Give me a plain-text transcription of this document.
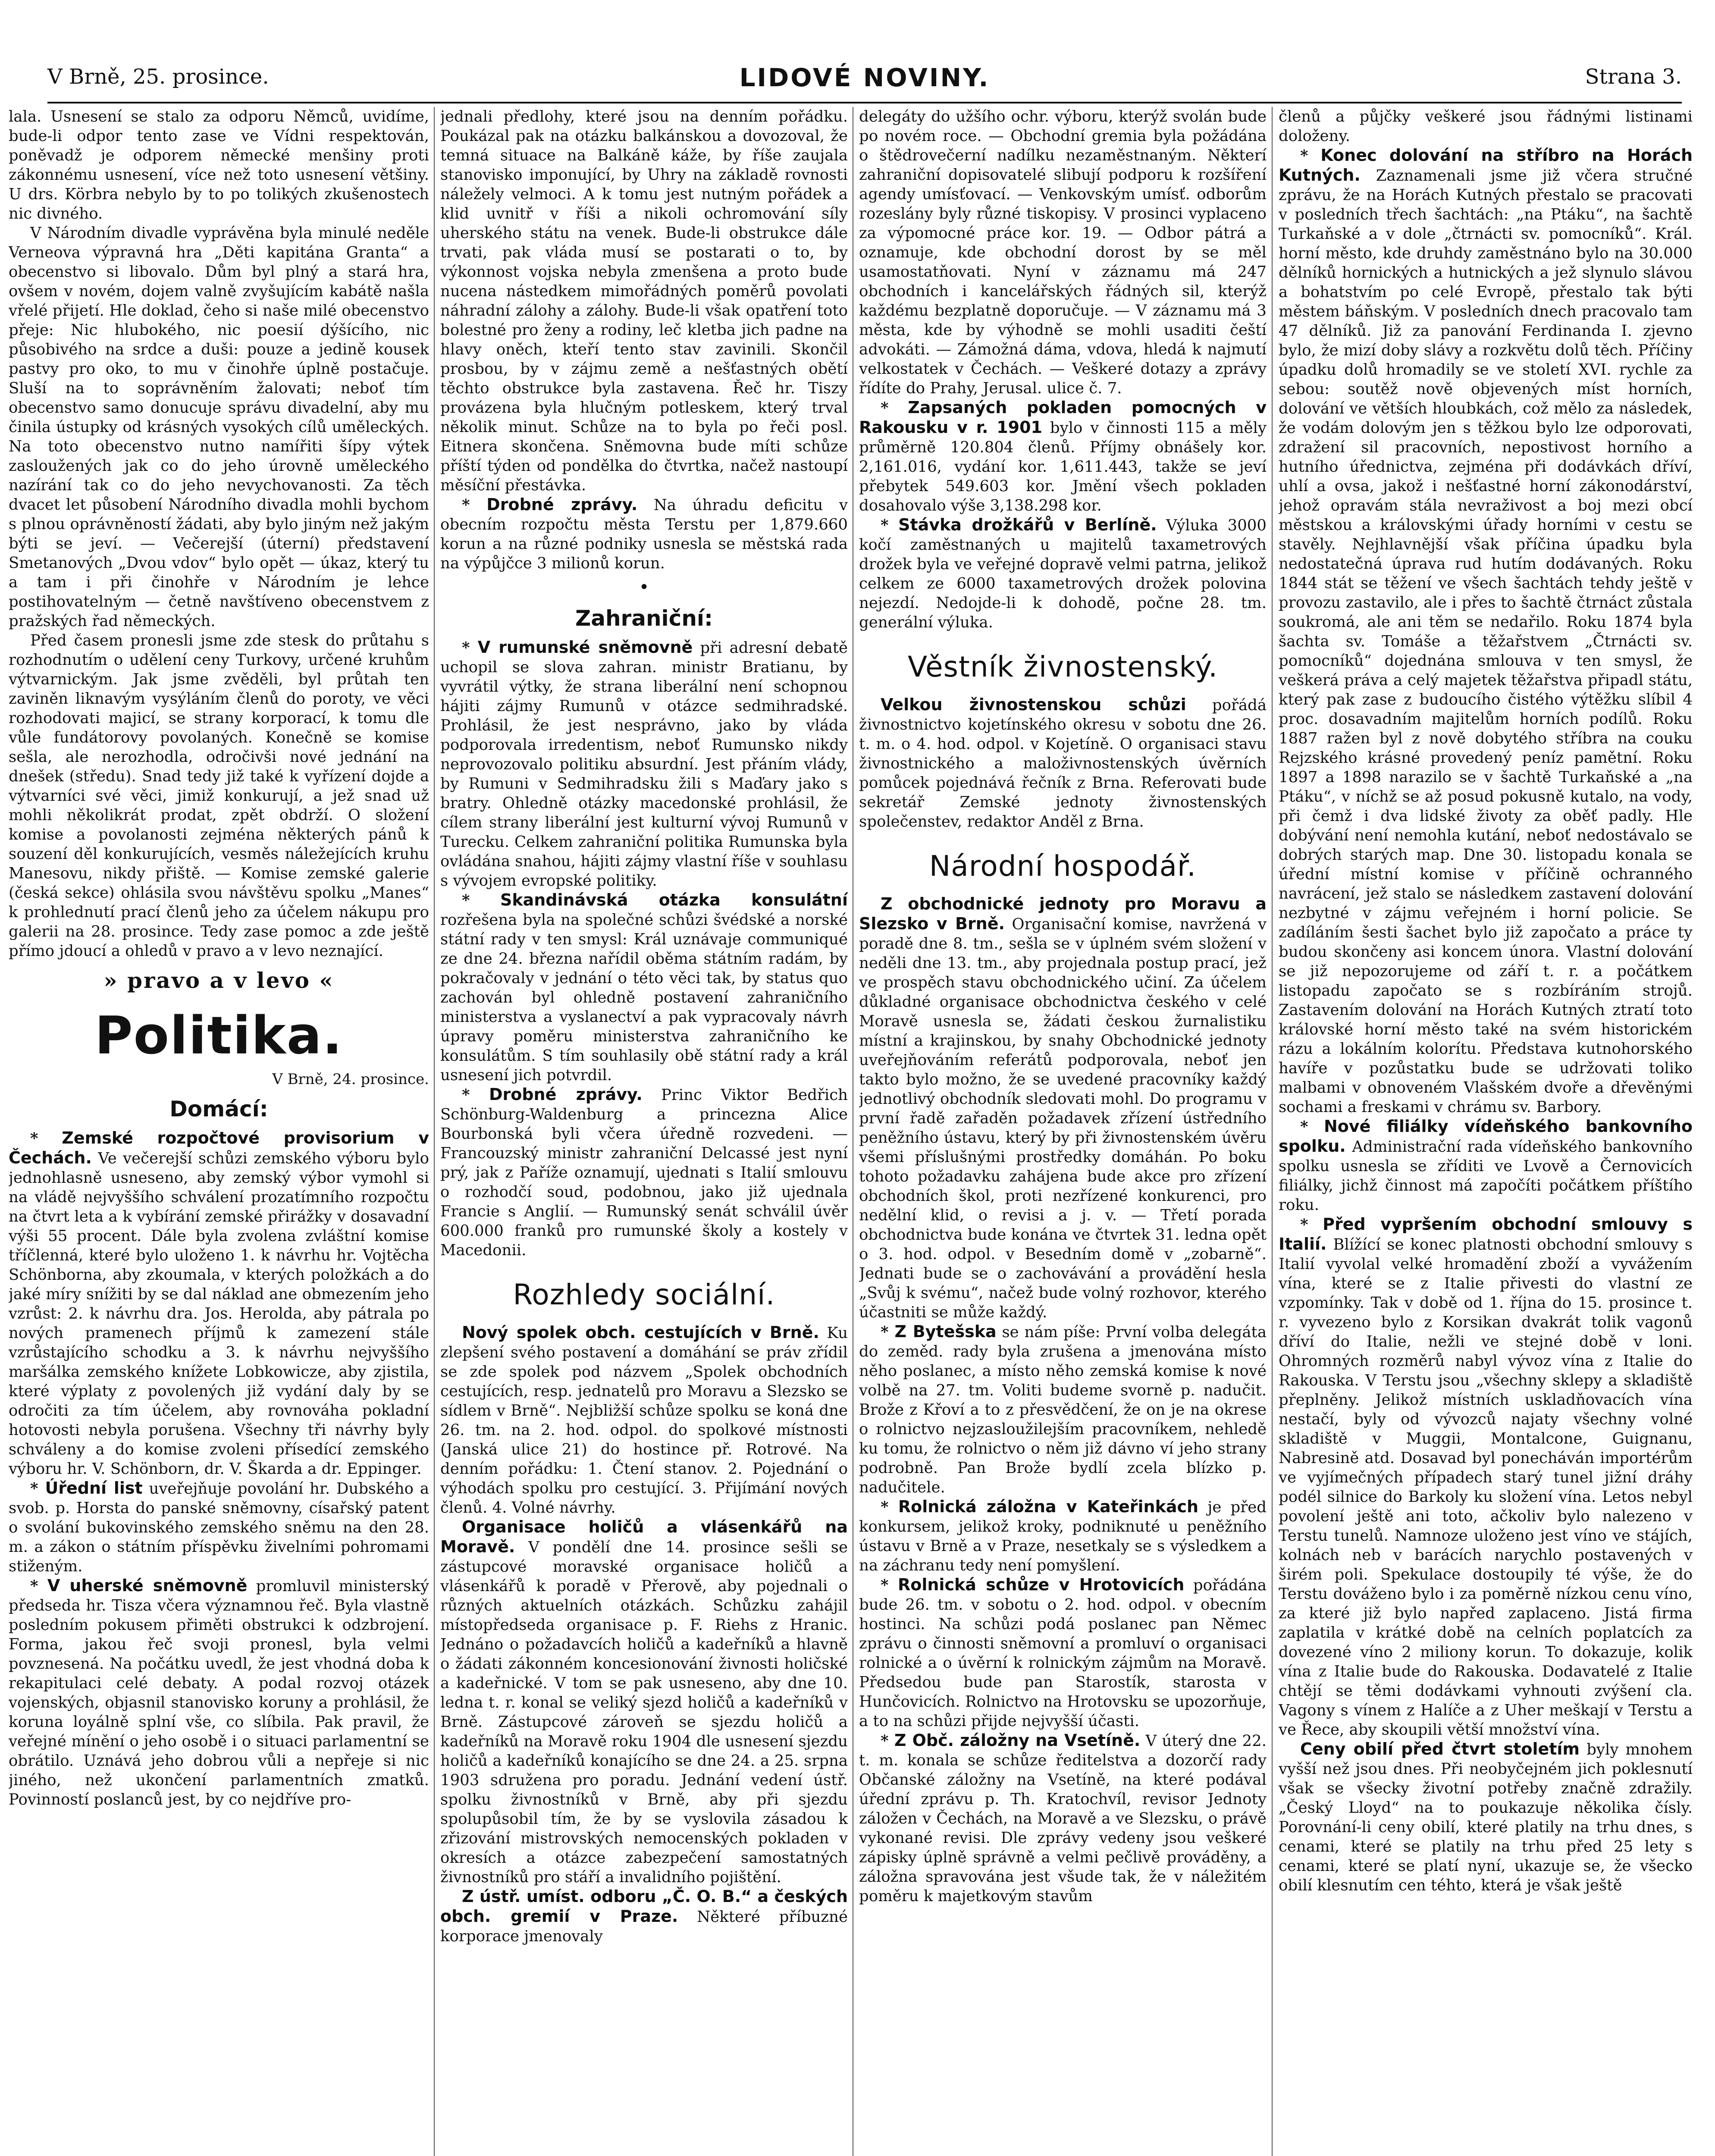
V Brně, 25. prosince.	LIDOVÉ NOVINY.	Strana 3.

lala. Usnesení se stalo za odporu Němců, uvidíme, bude-li odpor tento zase ve Vídni respektován, poněvadž je odporem německé menšiny proti zákonnému usnesení, více než toto usnesení většiny. U drs. Körbra nebylo by to po tolikých zkušenostech nic divného.

V Národním divadle vyprávěna byla minulé neděle Verneova výpravná hra „Děti kapitána Granta“ a obecenstvo si libovalo. Dům byl plný a stará hra, ovšem v novém, dojem valně zvyšujícím kabátě našla vřelé přijetí. Hle doklad, čeho si naše milé obecenstvo přeje: Nic hlubokého, nic poesií dýšícího, nic působivého na srdce a duši: pouze a jedině kousek pastvy pro oko, to mu v činohře úplně postačuje. Sluší na to soprávněním žalovati; neboť tím obecenstvo samo donucuje správu divadelní, aby mu činila ústupky od krásných vysokých cílů uměleckých. Na toto obecenstvo nutno namířiti šípy výtek zasloužených jak co do jeho úrovně uměleckého nazírání tak co do jeho nevychovanosti. Za těch dvacet let působení Národního divadla mohli bychom s plnou oprávněností žádati, aby bylo jiným než jakým býti se jeví. — Večerejší (úterní) představení Smetanových „Dvou vdov“ bylo opět — úkaz, který tu a tam i při činohře v Národním je lehce postihovatelným — četně navštíveno obecenstvem z pražských řad německých.

Před časem pronesli jsme zde stesk do průtahu s rozhodnutím o udělení ceny Turkovy, určené kruhům výtvarnickým. Jak jsme zvěděli, byl průtah ten zaviněn liknavým vysýláním členů do poroty, ve věci rozhodovati majicí, se strany korporací, k tomu dle vůle fundátorovy povolaných. Konečně se komise sešla, ale nerozhodla, odročivši nové jednání na dnešek (středu). Snad tedy již také k vyřízení dojde a výtvarníci své věci, jimiž konkurují, a jež snad už mohli několikrát prodat, zpět obdrží. O složení komise a povolanosti zejména některých pánů k souzení děl konkurujících, vesměs náležejících kruhu Manesovu, nikdy přiště. — Komise zemské galerie (česká sekce) ohlásila svou návštěvu spolku „Manes“ k prohlednutí prací členů jeho za účelem nákupu pro galerii na 28. prosince. Tedy zase pomoc a zde ještě přímo jdoucí a ohledů v pravo a v levo neznající.

» pravo a v levo «
Politika.
V Brně, 24. prosince.
Domácí:

* Zemské rozpočtové provisorium v Čechách. Ve večerejší schůzi zemského výboru bylo jednohlasně usneseno, aby zemský výbor vymohl si na vládě nejvyššího schválení prozatímního rozpočtu na čtvrt leta a k vybírání zemské přirážky v dosavadní výši 55 procent. Dále byla zvolena zvláštní komise tříčlenná, které bylo uloženo 1. k návrhu hr. Vojtěcha Schönborna, aby zkoumala, v kterých položkách a do jaké míry snížiti by se dal náklad ane obmezením jeho vzrůst: 2. k návrhu dra. Jos. Herolda, aby pátrala po nových pramenech příjmů k zamezení stále vzrůstajícího schodku a 3. k návrhu nejvyššího maršálka zemského knížete Lobkowicze, aby zjistila, které výplaty z povolených již vydání daly by se odročiti za tím účelem, aby rovnováha pokladní hotovosti nebyla porušena. Všechny tři návrhy byly schváleny a do komise zvoleni přísedící zemského výboru hr. V. Schönborn, dr. V. Škarda a dr. Eppinger.

* Úřední list uveřejňuje povolání hr. Dubského a svob. p. Horsta do panské sněmovny, císařský patent o svolání bukovinského zemského sněmu na den 28. m. a zákon o státním příspěvku živelními pohromami stiženým.

* V uherské sněmovně promluvil ministerský předseda hr. Tisza včera významnou řeč. Byla vlastně posledním pokusem přiměti obstrukci k odzbrojení. Forma, jakou řeč svoji pronesl, byla velmi povznesená. Na počátku uvedl, že jest vhodná doba k rekapitulaci celé debaty. A podal rozvoj otázek vojenských, objasnil stanovisko koruny a prohlásil, že koruna loyálně splní vše, co slíbila. Pak pravil, že veřejné mínění o jeho osobě i o situaci parlamentní se obrátilo. Uznává jeho dobrou vůli a nepřeje si nic jiného, než ukončení parlamentních zmatků. Povinností poslanců jest, by co nejdříve pro-

jednali předlohy, které jsou na denním pořádku. Poukázal pak na otázku balkánskou a dovozoval, že temná situace na Balkáně káže, by říše zaujala stanovisko imponující, by Uhry na základě rovnosti náležely velmoci. A k tomu jest nutným pořádek a klid uvnitř v říši a nikoli ochromování síly uherského státu na venek. Bude-li obstrukce dále trvati, pak vláda musí se postarati o to, by výkonnost vojska nebyla zmenšena a proto bude nucena nástedkem mimořádných poměrů povolati náhradní zálohy a zálohy. Bude-li však opatření toto bolestné pro ženy a rodiny, leč kletba jich padne na hlavy oněch, kteří tento stav zavinili. Skončil prosbou, by v zájmu země a nešťastných obětí těchto obstrukce byla zastavena. Řeč hr. Tiszy provázena byla hlučným potleskem, který trval několik minut. Schůze na to byla po řeči posl. Eitnera skončena. Sněmovna bude míti schůze příští týden od pondělka do čtvrtka, načež nastoupí měsíční přestávka.

* Drobné zprávy. Na úhradu deficitu v obecním rozpočtu města Terstu per 1,879.660 korun a na různé podniky usnesla se městská rada na výpůjčce 3 milionů korun.

•
Zahraniční:

* V rumunské sněmovně při adresní debatě uchopil se slova zahran. ministr Bratianu, by vyvrátil výtky, že strana liberální není schopnou hájiti zájmy Rumunů v otázce sedmihradské. Prohlásil, že jest nesprávno, jako by vláda podporovala irredentism, neboť Rumunsko nikdy neprovozovalo politiku absurdní. Jest přáním vlády, by Rumuni v Sedmihradsku žili s Maďary jako s bratry. Ohledně otázky macedonské prohlásil, že cílem strany liberální jest kulturní vývoj Rumunů v Turecku. Celkem zahraniční politika Rumunska byla ovládána snahou, hájiti zájmy vlastní říše v souhlasu s vývojem evropské politiky.

* Skandinávská otázka konsulátní rozřešena byla na společné schůzi švédské a norské státní rady v ten smysl: Král uznávaje communiqué ze dne 24. března nařídil oběma státním radám, by pokračovaly v jednání o této věci tak, by status quo zachován byl ohledně postavení zahraničního ministerstva a vyslanectví a pak vypracovaly návrh úpravy poměru ministerstva zahraničního ke konsulátům. S tím souhlasily obě státní rady a král usnesení jich potvrdil.

* Drobné zprávy. Princ Viktor Bedřich Schönburg-Waldenburg a princezna Alice Bourbonská byli včera úředně rozvedeni. — Francouzský ministr zahraniční Delcassé jest nyní prý, jak z Paříže oznamují, ujednati s Italií smlouvu o rozhodčí soud, podobnou, jako již ujednala Francie s Anglií. — Rumunský senát schválil úvěr 600.000 franků pro rumunské školy a kostely v Macedonii.

Rozhledy sociální.

Nový spolek obch. cestujících v Brně. Ku zlepšení svého postavení a domáhání se práv zřídil se zde spolek pod názvem „Spolek obchodních cestujících, resp. jednatelů pro Moravu a Slezsko se sídlem v Brně“. Nejbližší schůze spolku se koná dne 26. tm. na 2. hod. odpol. do spolkové místnosti (Janská ulice 21) do hostince př. Rotrové. Na denním pořádku: 1. Čtení stanov. 2. Pojednání o výhodách spolku pro cestující. 3. Přijímání nových členů. 4. Volné návrhy.

Organisace holičů a vlásenkářů na Moravě. V pondělí dne 14. prosince sešli se zástupcové moravské organisace holičů a vlásenkářů k poradě v Přerově, aby pojednali o různých aktuelních otázkách. Schůzku zahájil místopředseda organisace p. F. Riehs z Hranic. Jednáno o požadavcích holičů a kadeřníků a hlavně o žádati zákonném koncesionování živnosti holičské a kadeřnické. V tom se pak usneseno, aby dne 10. ledna t. r. konal se veliký sjezd holičů a kadeřníků v Brně. Zástupcové zároveň se sjezdu holičů a kadeřníků na Moravě roku 1904 dle usnesení sjezdu holičů a kadeřníků konajícího se dne 24. a 25. srpna 1903 sdružena pro poradu. Jednání vedení ústř. spolku živnostníků v Brně, aby při sjezdu spolupůsobil tím, že by se vyslovila zásadou k zřizování mistrovských nemocenských pokladen v okresích a otázce zabezpečení samostatných živnostníků pro stáří a invalidního pojištění.

Z ústř. umíst. odboru „Č. O. B.“ a českých obch. gremií v Praze. Některé příbuzné korporace jmenovaly

delegáty do užšího ochr. výboru, kterýž svolán bude po novém roce. — Obchodní gremia byla požádána o štědrovečerní nadílku nezaměstnaným. Některí zahraniční dopisovatelé slibují podporu k rozšíření agendy umísťovací. — Venkovským umísť. odborům rozeslány byly různé tiskopisy. V prosinci vyplaceno za výpomocné práce kor. 19. — Odbor pátrá a oznamuje, kde obchodní dorost by se měl usamostatňovati. Nyní v záznamu má 247 obchodních i kancelářských řádných sil, kterýž každému bezplatně doporučuje. — V záznamu má 3 města, kde by výhodně se mohli usaditi čeští advokáti. — Zámožná dáma, vdova, hledá k najmutí velkostatek v Čechách. — Veškeré dotazy a zprávy řídíte do Prahy, Jerusal. ulice č. 7.

* Zapsaných pokladen pomocných v Rakousku v r. 1901 bylo v činnosti 115 a měly průměrně 120.804 členů. Příjmy obnášely kor. 2,161.016, vydání kor. 1,611.443, takže se jeví přebytek 549.603 kor. Jmění všech pokladen dosahovalo výše 3,138.298 kor.

* Stávka drožkářů v Berlíně. Výluka 3000 kočí zaměstnaných u majitelů taxametrových drožek byla ve veřejné dopravě velmi patrna, jelikož celkem ze 6000 taxametrových drožek polovina nejezdí. Nedojde-li k dohodě, počne 28. tm. generální výluka.

Věstník živnostenský.

Velkou živnostenskou schůzi pořádá živnostnictvo kojetínského okresu v sobotu dne 26. t. m. o 4. hod. odpol. v Kojetíně. O organisaci stavu živnostnického a maloživnostenských úvěrních pomůcek pojednává řečník z Brna. Referovati bude sekretář Zemské jednoty živnostenských společenstev, redaktor Anděl z Brna.

Národní hospodář.

Z obchodnické jednoty pro Moravu a Slezsko v Brně. Organisační komise, navržená v poradě dne 8. tm., sešla se v úplném svém složení v neděli dne 13. tm., aby projednala postup prací, jež ve prospěch stavu obchodnického učiní. Za účelem důkladné organisace obchodnictva českého v celé Moravě usnesla se, žádati českou žurnalistiku místní a krajinskou, by snahy Obchodnické jednoty uveřejňováním referátů podporovala, neboť jen takto bylo možno, že se uvedené pracovníky každý jednotlivý obchodník sledovati mohl. Do programu v první řadě zařaděn požadavek zřízení ústředního peněžního ústavu, který by při živnostenském úvěru všemi příslušnými prostředky domáhán. Po boku tohoto požadavku zahájena bude akce pro zřízení obchodních škol, proti nezřízené konkurenci, pro nedělní klid, o revisi a j. v. — Třetí porada obchodnictva bude konána ve čtvrtek 31. ledna opět o 3. hod. odpol. v Besedním domě v „zobarně“. Jednati bude se o zachovávání a provádění hesla „Svůj k svému“, načež bude volný rozhovor, kterého účastniti se může každý.

* Z Bytešska se nám píše: První volba delegáta do zeměd. rady byla zrušena a jmenována místo něho poslanec, a místo něho zemská komise k nové volbě na 27. tm. Voliti budeme svorně p. nadučit. Brože z Křoví a to z přesvědčení, že on je na okrese o rolnictvo nejzasloužilejším pracovníkem, nehledě ku tomu, že rolnictvo o něm již dávno ví jeho strany podrobně. Pan Brože bydlí zcela blízko p. nadučitele.

* Rolnická záložna v Kateřinkách je před konkursem, jelikož kroky, podniknuté u peněžního ústavu v Brně a v Praze, nesetkaly se s výsledkem a na záchranu tedy není pomyšlení.

* Rolnická schůze v Hrotovicích pořádána bude 26. tm. v sobotu o 2. hod. odpol. v obecním hostinci. Na schůzi podá poslanec pan Němec zprávu o činnosti sněmovní a promluví o organisaci rolnické a o úvěrní k rolnickým zájmům na Moravě. Předsedou bude pan Starostík, starosta v Hunčovicích. Rolnictvo na Hrotovsku se upozorňuje, a to na schůzi přijde nejvyšší účasti.

* Z Obč. záložny na Vsetíně. V úterý dne 22. t. m. konala se schůze ředitelstva a dozorčí rady Občanské záložny na Vsetíně, na které podával úřední zprávu p. Th. Kratochvíl, revisor Jednoty záložen v Čechách, na Moravě a ve Slezsku, o právě vykonané revisi. Dle zprávy vedeny jsou veškeré zápisky úplně správně a velmi pečlivě prováděny, a záložna spravována jest všude tak, že v náležitém poměru k majetkovým stavům

členů a půjčky veškeré jsou řádnými listinami doloženy.

* Konec dolování na stříbro na Horách Kutných. Zaznamenali jsme již včera stručné zprávu, že na Horách Kutných přestalo se pracovati v posledních třech šachtách: „na Ptáku“, na šachtě Turkaňské a v dole „čtrnácti sv. pomocníků“. Král. horní město, kde druhdy zaměstnáno bylo na 30.000 dělníků hornických a hutnických a jež slynulo slávou a bohatstvím po celé Evropě, přestalo tak býti městem báňským. V posledních dnech pracovalo tam 47 dělníků. Již za panování Ferdinanda I. zjevno bylo, že mizí doby slávy a rozkvětu dolů těch. Příčiny úpadku dolů hromadily se ve století XVI. rychle za sebou: soutěž nově objevených míst horních, dolování ve větších hloubkách, což mělo za následek, že vodám dolovým jen s těžkou bylo lze odporovati, zdražení sil pracovních, nepostivost horního a hutního úřednictva, zejména při dodávkách dříví, uhlí a ovsa, jakož i nešťastné horní zákonodárství, jehož opravám stála nevraživost a boj mezi obcí městskou a královskými úřady horními v cestu se stavěly. Nejhlavnější však příčina úpadku byla nedostatečná úprava rud hutím dodávaných. Roku 1844 stát se těžení ve všech šachtách tehdy ještě v provozu zastavilo, ale i přes to šachtě čtrnáct zůstala soukromá, ale ani těm se nedařilo. Roku 1874 byla šachta sv. Tomáše a těžařstvem „Čtrnácti sv. pomocníků“ dojednána smlouva v ten smysl, že veškerá práva a celý majetek těžařstva připadl státu, který pak zase z budoucího čistého výtěžku slíbil 4 proc. dosavadním majitelům horních podílů. Roku 1887 ražen byl z nově dobytého stříbra na couku Rejzského krásné provedený peníz pamětní. Roku 1897 a 1898 narazilo se v šachtě Turkaňské a „na Ptáku“, v níchž se až posud pokusně kutalo, na vody, při čemž i dva lidské životy za oběť padly. Hle dobývání není nemohla kutání, neboť nedostávalo se dobrých starých map. Dne 30. listopadu konala se úřední místní komise v příčině ochranného navrácení, jež stalo se následkem zastavení dolování nezbytné v zájmu veřejném i horní policie. Se zadíláním šesti šachet bylo již započato a práce ty budou skončeny asi koncem února. Vlastní dolování se již nepozorujeme od září t. r. a počátkem listopadu započato se s rozbíráním strojů. Zastavením dolování na Horách Kutných ztratí toto královské horní město také na svém historickém rázu a lokálním kolorítu. Představa kutnohorského havíře v pozůstatku bude se udržovati toliko malbami v obnoveném Vlašském dvoře a dřevěnými sochami a freskami v chrámu sv. Barbory.

* Nové filiálky vídeňského bankovního spolku. Administrační rada vídeňského bankovního spolku usnesla se zříditi ve Lvově a Černovicích filiálky, jichž činnost má započíti počátkem příštího roku.

* Před vypršením obchodní smlouvy s Italií. Blížící se konec platnosti obchodní smlouvy s Italií vyvolal velké hromadění zboží a vyvážením vína, které se z Italie přivesti do vlastní ze vzpomínky. Tak v době od 1. října do 15. prosince t. r. vyvezeno bylo z Korsikan dvakrát tolik vagonů dříví do Italie, nežli ve stejné době v loni. Ohromných rozměrů nabyl vývoz vína z Italie do Rakouska. V Terstu jsou „všechny sklepy a skladiště přeplněny. Jelikož místních uskladňovacích vína nestačí, byly od vývozců najaty všechny volné skladiště v Muggii, Montalcone, Guignanu, Nabresině atd. Dosavad byl ponecháván importérům ve vyjímečných případech starý tunel jižní dráhy podél silnice do Barkoly ku složení vína. Letos nebyl povolení ještě ani toto, ačkoliv bylo nalezeno v Terstu tunelů. Namnoze uloženo jest víno ve stájích, kolnách neb v barácích narychlo postavených v širém poli. Spekulace dostoupily té výše, že do Terstu dováženo bylo i za poměrně nízkou cenu víno, za které již bylo napřed zaplaceno. Jistá firma zaplatila v krátké době na celních poplatcích za dovezené víno 2 miliony korun. To dokazuje, kolik vína z Italie bude do Rakouska. Dodavatelé z Italie chtějí se těmi dodávkami vyhnouti zvýšení cla. Vagony s vínem z Halíče a z Uher meškají v Terstu a ve Řece, aby skoupili větší množství vína.

Ceny obilí před čtvrt stoletím byly mnohem vyšší než jsou dnes. Při neobyčejném jich poklesnutí však se všecky životní potřeby značně zdražily. „Český Lloyd“ na to poukazuje několika čísly. Porovnání-li ceny obilí, které platily na trhu dnes, s cenami, které se platily na trhu před 25 lety s cenami, které se platí nyní, ukazuje se, že všecko obilí klesnutím cen téhto, která je však ještě
